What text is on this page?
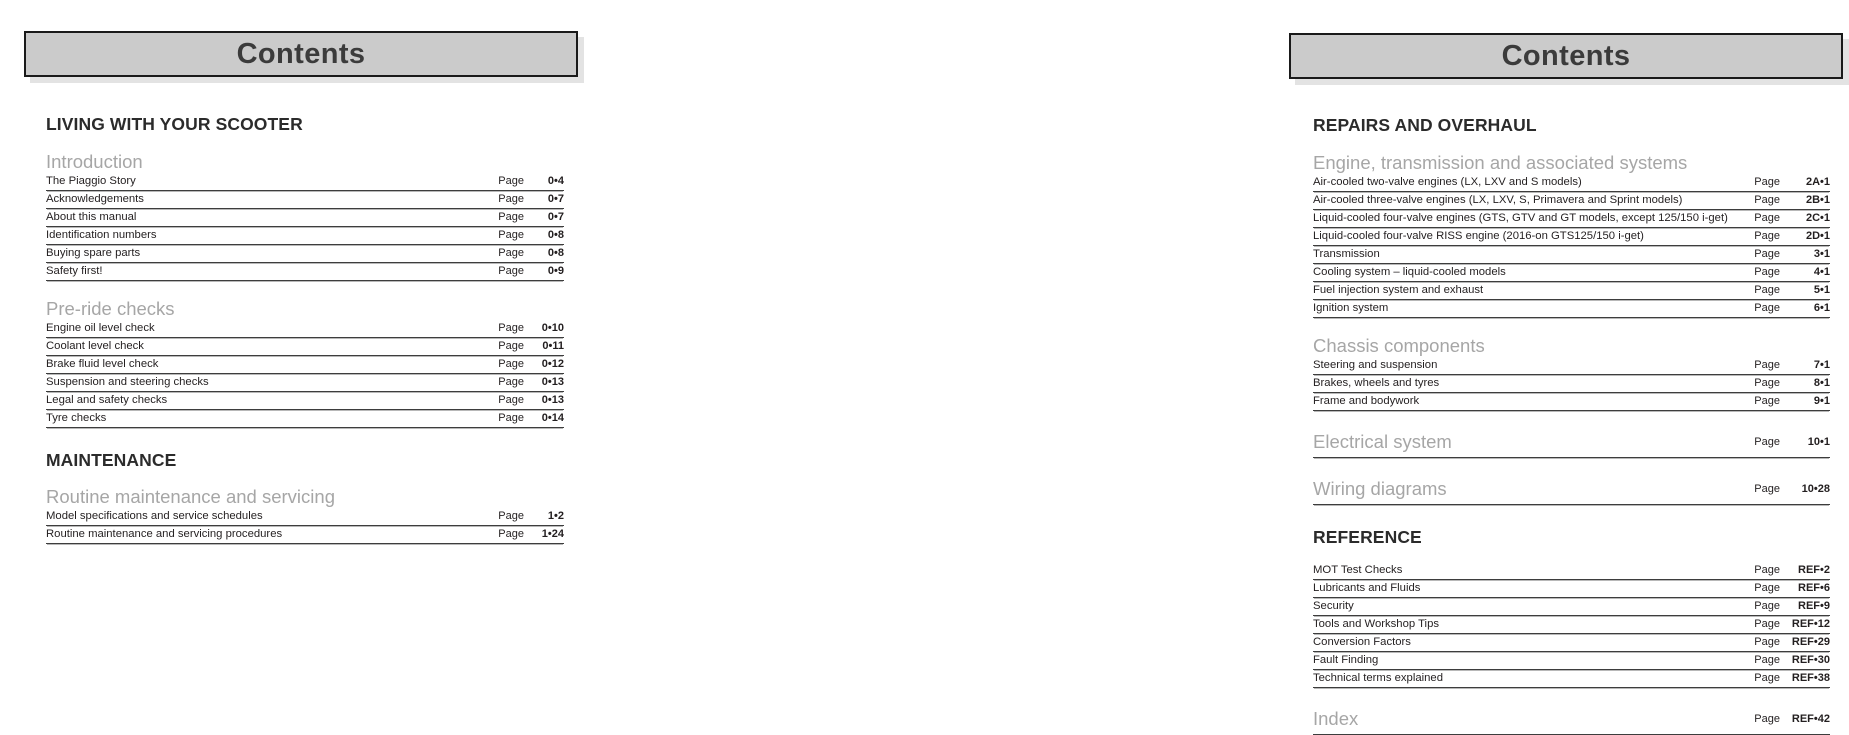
Contents
LIVING WITH YOUR SCOOTER
Introduction
The Piaggio Story	Page	0•4
Acknowledgements	Page	0•7
About this manual	Page	0•7
Identification numbers	Page	0•8
Buying spare parts	Page	0•8
Safety first!	Page	0•9
Pre-ride checks
Engine oil level check	Page	0•10
Coolant level check	Page	0•11
Brake fluid level check	Page	0•12
Suspension and steering checks	Page	0•13
Legal and safety checks	Page	0•13
Tyre checks	Page	0•14
MAINTENANCE
Routine maintenance and servicing
Model specifications and service schedules	Page	1•2
Routine maintenance and servicing procedures	Page	1•24
Contents
REPAIRS AND OVERHAUL
Engine, transmission and associated systems
Air-cooled two-valve engines (LX, LXV and S models)	Page	2A•1
Air-cooled three-valve engines (LX, LXV, S, Primavera and Sprint models)	Page	2B•1
Liquid-cooled four-valve engines (GTS, GTV and GT models, except 125/150 i-get)	Page	2C•1
Liquid-cooled four-valve RISS engine (2016-on GTS125/150 i-get)	Page	2D•1
Transmission	Page	3•1
Cooling system – liquid-cooled models	Page	4•1
Fuel injection system and exhaust	Page	5•1
Ignition system	Page	6•1
Chassis components
Steering and suspension	Page	7•1
Brakes, wheels and tyres	Page	8•1
Frame and bodywork	Page	9•1
Electrical system	Page	10•1
Wiring diagrams	Page	10•28
REFERENCE
MOT Test Checks	Page	REF•2
Lubricants and Fluids	Page	REF•6
Security	Page	REF•9
Tools and Workshop Tips	Page	REF•12
Conversion Factors	Page	REF•29
Fault Finding	Page	REF•30
Technical terms explained	Page	REF•38
Index	Page	REF•42
